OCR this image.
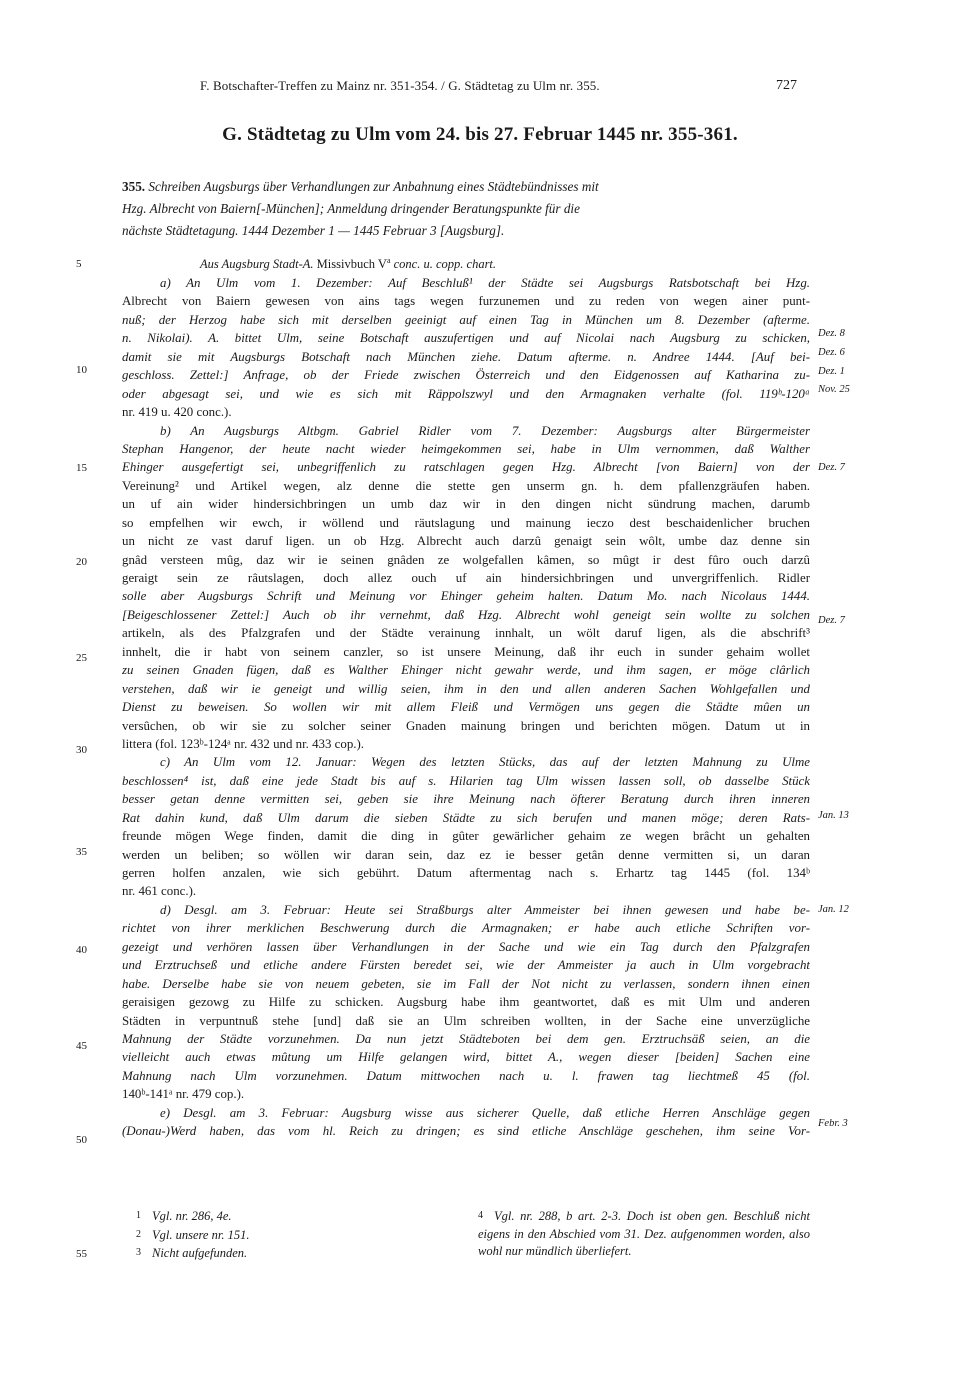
F. Botschafter-Treffen zu Mainz nr. 351-354. / G. Städtetag zu Ulm nr. 355.	727
G. Städtetag zu Ulm vom 24. bis 27. Februar 1445 nr. 355-361.
355. Schreiben Augsburgs über Verhandlungen zur Anbahnung eines Städtebündnisses mit
Hzg. Albrecht von Baiern[-München]; Anmeldung dringender Beratungspunkte für die
nächste Städtetagung. 1444 Dezember 1 — 1445 Februar 3 [Augsburg].
Aus Augsburg Stadt-A. Missivbuch $V^a$ conc. u. copp. chart.
a) An Ulm vom 1. Dezember: Auf Beschluß¹ der Städte sei Augsburgs Ratsbotschaft bei Hzg.
Albrecht von Baiern gewesen von ains tags wegen furzunemen und zu reden von wegen ainer punt-
nuß; der Herzog habe sich mit derselben geeinigt auf einen Tag in München um 8. Dezember (afterme.
n. Nikolai). A. bittet Ulm, seine Botschaft auszufertigen und auf Nicolai nach Augsburg zu schicken,
damit sie mit Augsburgs Botschaft nach München ziehe. Datum afterme. n. Andree 1444. [Auf bei-
geschloss. Zettel:] Anfrage, ob der Friede zwischen Österreich und den Eidgenossen auf Katharina zu-
oder abgesagt sei, und wie es sich mit Räppolszwyl und den Armagnaken verhalte (fol. 119ᵇ-120ᵃ
nr. 419 u. 420 conc.).
b) An Augsburgs Altbgm. Gabriel Ridler vom 7. Dezember: Augsburgs alter Bürgermeister
Stephan Hangenor, der heute nacht wieder heimgekommen sei, habe in Ulm vernommen, daß Walther
Ehinger ausgefertigt sei, unbegriffenlich zu ratschlagen gegen Hzg. Albrecht [von Baiern] von der
Vereinung² und Artikel wegen, alz denne die stette gen unserm gn. h. dem pfallenzgräufen haben.
un uf ain wider hindersichbringen un umb daz wir in den dingen nicht sündrung machen, darumb
so empfelhen wir ewch, ir wöllend und räutslagung und mainung ieczo dest beschaidenlicher bruchen
un nicht ze vast daruf ligen. un ob Hzg. Albrecht auch darzû genaigt sein wôlt, umbe daz denne sin
gnâd versteen mûg, daz wir ie seinen gnâden ze wolgefallen kâmen, so mûgt ir dest fûro ouch darzû
geraigt sein ze râutslagen, doch allez ouch uf ain hindersichbringen und unvergriffenlich. Ridler
solle aber Augsburgs Schrift und Meinung vor Ehinger geheim halten. Datum Mo. nach Nicolaus 1444.
[Beigeschlossener Zettel:] Auch ob ihr vernehmt, daß Hzg. Albrecht wohl geneigt sein wollte zu solchen
artikeln, als des Pfalzgrafen und der Städte verainung innhalt, un wölt daruf ligen, als die abschrift³
innhelt, die ir habt von seinem canzler, so ist unsere Meinung, daß ihr euch in sunder gehaim wollet
zu seinen Gnaden fügen, daß es Walther Ehinger nicht gewahr werde, und ihm sagen, er möge clârlich
verstehen, daß wir ie geneigt und willig seien, ihm in den und allen anderen Sachen Wohlgefallen und
Dienst zu beweisen. So wollen wir mit allem Fleiß und Vermögen uns gegen die Städte mûen un
versûchen, ob wir sie zu solcher seiner Gnaden mainung bringen und berichten mögen. Datum ut in
littera (fol. 123ᵇ-124ᵃ nr. 432 und nr. 433 cop.).
c) An Ulm vom 12. Januar: Wegen des letzten Stücks, das auf der letzten Mahnung zu Ulme
beschlossen⁴ ist, daß eine jede Stadt bis auf s. Hilarien tag Ulm wissen lassen soll, ob dasselbe Stück
besser getan denne vermitten sei, geben sie ihre Meinung nach öfterer Beratung durch ihren inneren
Rat dahin kund, daß Ulm darum die sieben Städte zu sich berufen und manen möge; deren Rats-
freunde mögen Wege finden, damit die ding in gûter gewärlicher gehaim ze wegen brâcht un gehalten
werden un beliben; so wöllen wir daran sein, daz ez ie besser getân denne vermitten si, un daran
gerren holfen anzalen, wie sich gebührt. Datum aftermentag nach s. Erhartz tag 1445 (fol. 134ᵇ
nr. 461 conc.).
d) Desgl. am 3. Februar: Heute sei Straßburgs alter Ammeister bei ihnen gewesen und habe be-
richtet von ihrer merklichen Beschwerung durch die Armagnaken; er habe auch etliche Schriften vor-
gezeigt und verhören lassen über Verhandlungen in der Sache und wie ein Tag durch den Pfalzgrafen
und Erztruchseß und etliche andere Fürsten beredet sei, wie der Ammeister ja auch in Ulm vorgebracht
habe. Derselbe habe sie von neuem gebeten, sie im Fall der Not nicht zu verlassen, sondern ihnen einen
geraisigen gezowg zu Hilfe zu schicken. Augsburg habe ihm geantwortet, daß es mit Ulm und anderen
Städten in verpuntnuß stehe [und] daß sie an Ulm schreiben wollten, in der Sache eine unverzügliche
Mahnung der Städte vorzunehmen. Da nun jetzt Städteboten bei dem gen. Erztruchsäß seien, an die
vielleicht auch etwas mûtung um Hilfe gelangen wird, bittet A., wegen dieser [beiden] Sachen eine
Mahnung nach Ulm vorzunehmen. Datum mittwochen nach u. l. frawen tag liechtmeß 45 (fol.
140ᵇ-141ᵃ nr. 479 cop.).
e) Desgl. am 3. Februar: Augsburg wisse aus sicherer Quelle, daß etliche Herren Anschläge gegen
(Donau-)Werd haben, das vom hl. Reich zu dringen; es sind etliche Anschläge geschehen, ihm seine Vor-
5
10
15
20
25
30
35
40
45
50
55
Dez. 8
Dez. 6
Dez. 1
Nov. 25
Dez. 7
Dez. 7
Jan. 13
Jan. 12
Febr. 3
1 Vgl. nr. 286, 4e.
2 Vgl. unsere nr. 151.
3 Nicht aufgefunden.
4 Vgl. nr. 288, b art. 2-3. Doch ist oben gen. Beschluß nicht eigens in den Abschied vom 31. Dez. aufgenommen worden, also wohl nur mündlich überliefert.
